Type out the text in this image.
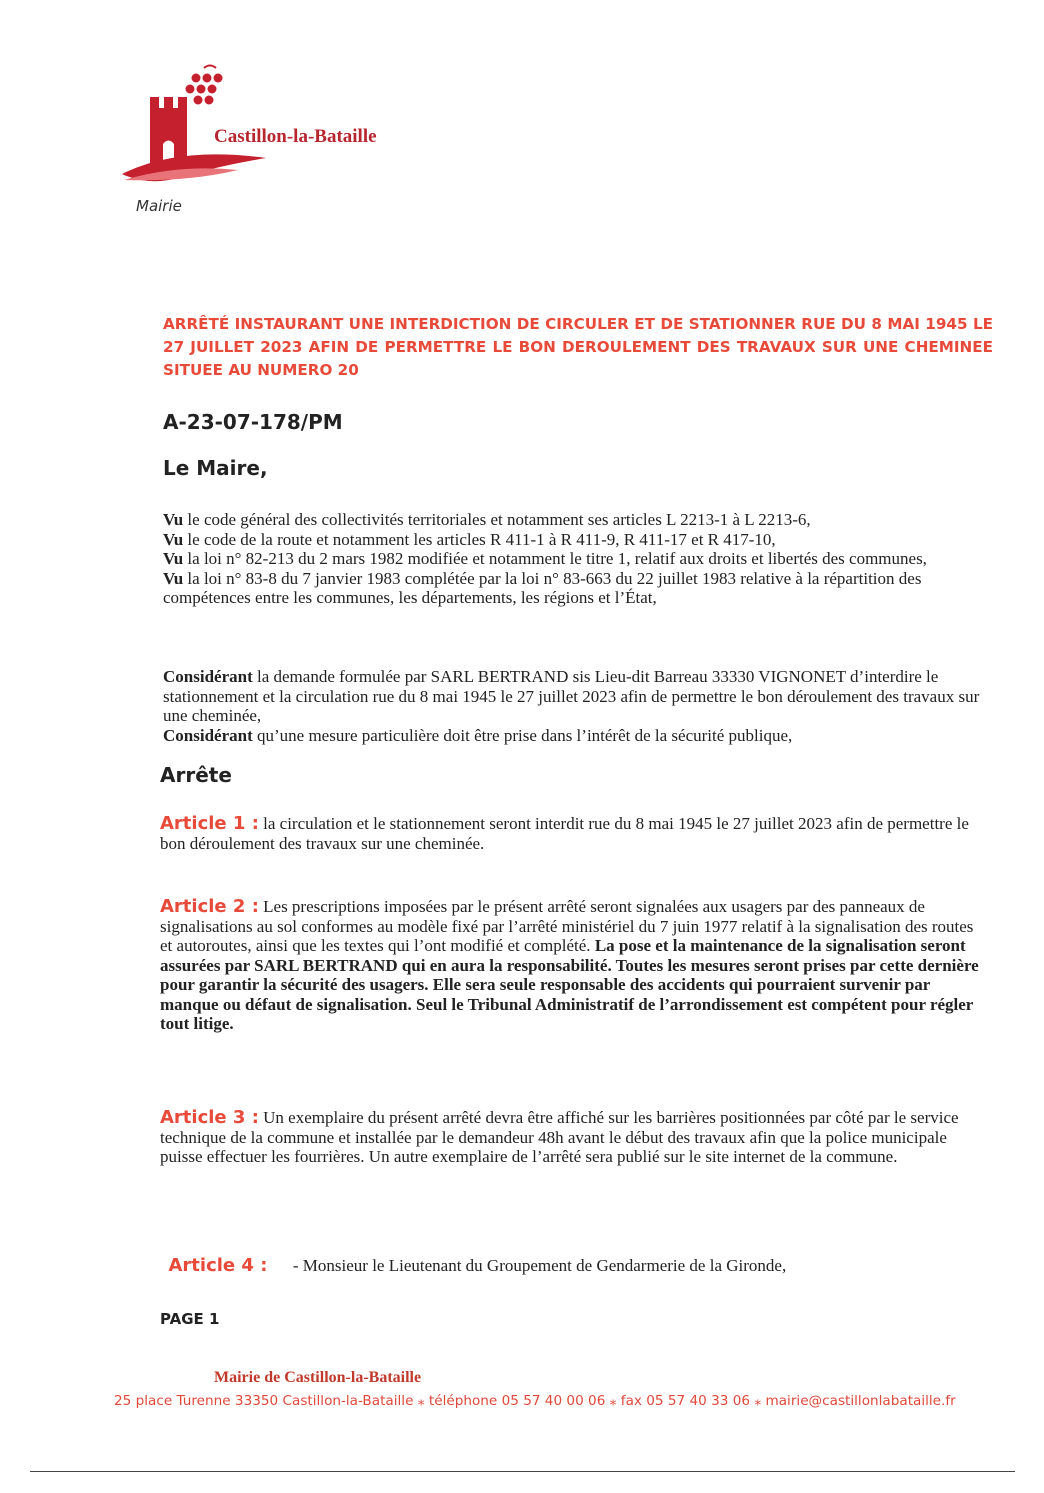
Castillon-la-Bataille
Mairie
ARRÊTÉ INSTAURANT UNE INTERDICTION DE CIRCULER ET DE STATIONNER RUE DU 8 MAI 1945 LE 27 JUILLET 2023 AFIN DE PERMETTRE LE BON DEROULEMENT DES TRAVAUX SUR UNE CHEMINEE SITUEE AU NUMERO 20
A-23-07-178/PM
Le Maire,
Vu le code général des collectivités territoriales et notamment ses articles L 2213-1 à L 2213-6,
Vu le code de la route et notamment les articles R 411-1 à R 411-9, R 411-17 et R 417-10,
Vu la loi n° 82-213 du 2 mars 1982 modifiée et notamment le titre 1, relatif aux droits et libertés des communes,
Vu la loi n° 83-8 du 7 janvier 1983 complétée par la loi n° 83-663 du 22 juillet 1983 relative à la répartition des compétences entre les communes, les départements, les régions et l’État,
Considérant la demande formulée par SARL BERTRAND sis Lieu-dit Barreau 33330 VIGNONET d’interdire le stationnement et la circulation rue du 8 mai 1945 le 27 juillet 2023 afin de permettre le bon déroulement des travaux sur une cheminée,
Considérant qu’une mesure particulière doit être prise dans l’intérêt de la sécurité publique,
Arrête
Article 1 : la circulation et le stationnement seront interdit rue du 8 mai 1945 le 27 juillet 2023 afin de permettre le bon déroulement des travaux sur une cheminée.
Article 2 : Les prescriptions imposées par le présent arrêté seront signalées aux usagers par des panneaux de signalisations au sol conformes au modèle fixé par l’arrêté ministériel du 7 juin 1977 relatif à la signalisation des routes et autoroutes, ainsi que les textes qui l’ont modifié et complété. La pose et la maintenance de la signalisation seront assurées par SARL BERTRAND qui en aura la responsabilité. Toutes les mesures seront prises par cette dernière pour garantir la sécurité des usagers. Elle sera seule responsable des accidents qui pourraient survenir par manque ou défaut de signalisation. Seul le Tribunal Administratif de l’arrondissement est compétent pour régler tout litige.
Article 3 : Un exemplaire du présent arrêté devra être affiché sur les barrières positionnées par côté par le service technique de la commune et installée par le demandeur 48h avant le début des travaux afin que la police municipale puisse effectuer les fourrières. Un autre exemplaire de l’arrêté sera publié sur le site internet de la commune.

Article 4 :      - Monsieur le Lieutenant du Groupement de Gendarmerie de la Gironde,

PAGE 1
Mairie de Castillon-la-Bataille
25 place Turenne 33350 Castillon-la-Bataille ⁎ téléphone 05 57 40 00 06 ⁎ fax 05 57 40 33 06 ⁎ mairie@castillonlabataille.fr
